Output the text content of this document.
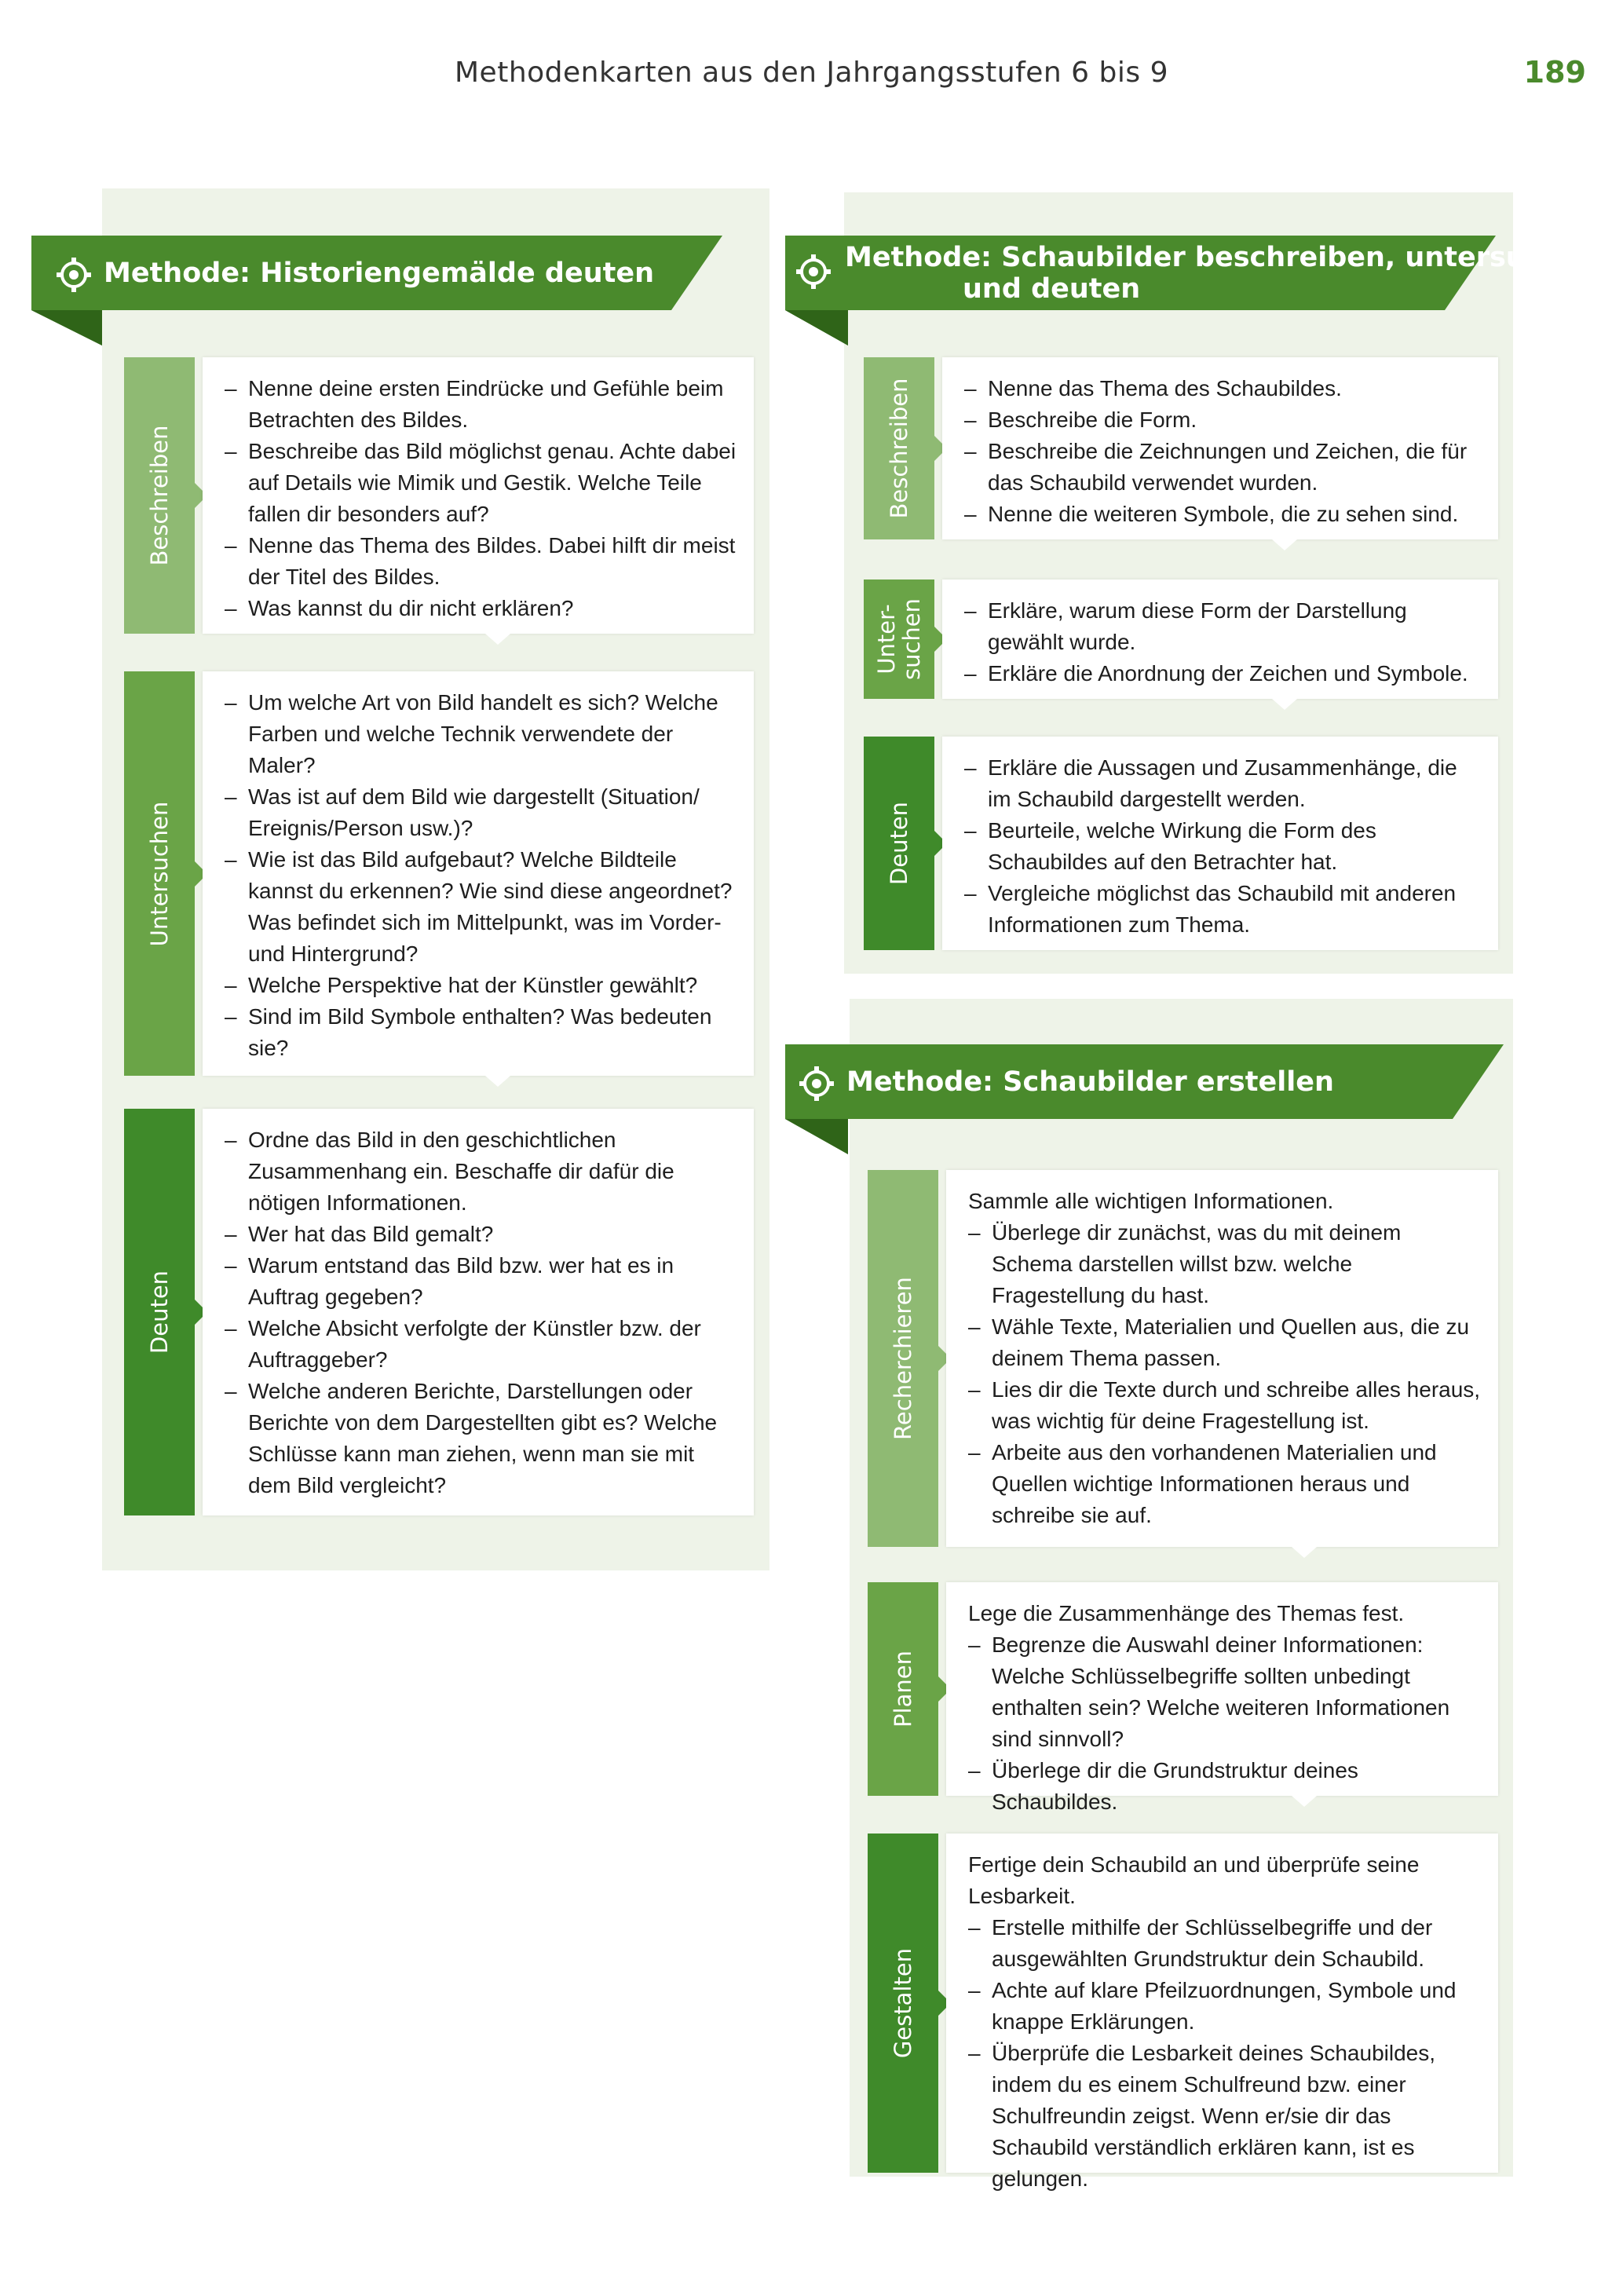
Methodenkarten aus den Jahrgangsstufen 6 bis 9	189
Methode: Historiengemälde deuten
Beschreiben
– Nenne deine ersten Eindrücke und Gefühle beim Betrachten des Bildes.
– Beschreibe das Bild möglichst genau. Achte dabei auf Details wie Mimik und Gestik. Welche Teile fallen dir besonders auf?
– Nenne das Thema des Bildes. Dabei hilft dir meist der Titel des Bildes.
– Was kannst du dir nicht erklären?
Untersuchen
– Um welche Art von Bild handelt es sich? Welche Farben und welche Technik verwendete der Maler?
– Was ist auf dem Bild wie dargestellt (Situation/ Ereignis/Person usw.)?
– Wie ist das Bild aufgebaut? Welche Bildteile kannst du erkennen? Wie sind diese angeordnet? Was befindet sich im Mittelpunkt, was im Vorder- und Hintergrund?
– Welche Perspektive hat der Künstler gewählt?
– Sind im Bild Symbole enthalten? Was bedeuten sie?
Deuten
– Ordne das Bild in den geschichtlichen Zusammenhang ein. Beschaffe dir dafür die nötigen Informationen.
– Wer hat das Bild gemalt?
– Warum entstand das Bild bzw. wer hat es in Auftrag gegeben?
– Welche Absicht verfolgte der Künstler bzw. der Auftraggeber?
– Welche anderen Berichte, Darstellungen oder Berichte von dem Dargestellten gibt es? Welche Schlüsse kann man ziehen, wenn man sie mit dem Bild vergleicht?
Methode: Schaubilder beschreiben, untersuchen
und deuten
Beschreiben	– Nenne das Thema des Schaubildes.
– Beschreibe die Form.
– Beschreibe die Zeichnungen und Zeichen, die für das Schaubild verwendet wurden.
– Nenne die weiteren Symbole, die zu sehen sind.
Unter-
suchen	– Erkläre, warum diese Form der Darstellung gewählt wurde.
– Erkläre die Anordnung der Zeichen und Symbole.
Deuten
– Erkläre die Aussagen und Zusammenhänge, die im Schaubild dargestellt werden.
– Beurteile, welche Wirkung die Form des Schaubildes auf den Betrachter hat.
– Vergleiche möglichst das Schaubild mit anderen Informationen zum Thema.
Methode: Schaubilder erstellen
Recherchieren

Sammle alle wichtigen Informationen.

– Überlege dir zunächst, was du mit deinem Schema darstellen willst bzw. welche Fragestellung du hast.
– Wähle Texte, Materialien und Quellen aus, die zu deinem Thema passen.
– Lies dir die Texte durch und schreibe alles heraus, was wichtig für deine Fragestellung ist.
– Arbeite aus den vorhandenen Materialien und Quellen wichtige Informationen heraus und schreibe sie auf.
Planen

Lege die Zusammenhänge des Themas fest.

– Begrenze die Auswahl deiner Informationen: Welche Schlüsselbegriffe sollten unbedingt enthalten sein? Welche weiteren Informationen sind sinnvoll?
– Überlege dir die Grundstruktur deines Schaubildes.
Gestalten

Fertige dein Schaubild an und überprüfe seine Lesbarkeit.

– Erstelle mithilfe der Schlüsselbegriffe und der ausgewählten Grundstruktur dein Schaubild.
– Achte auf klare Pfeilzuordnungen, Symbole und knappe Erklärungen.
– Überprüfe die Lesbarkeit deines Schaubildes, indem du es einem Schulfreund bzw. einer Schulfreundin zeigst. Wenn er/sie dir das Schaubild verständlich erklären kann, ist es gelungen.
